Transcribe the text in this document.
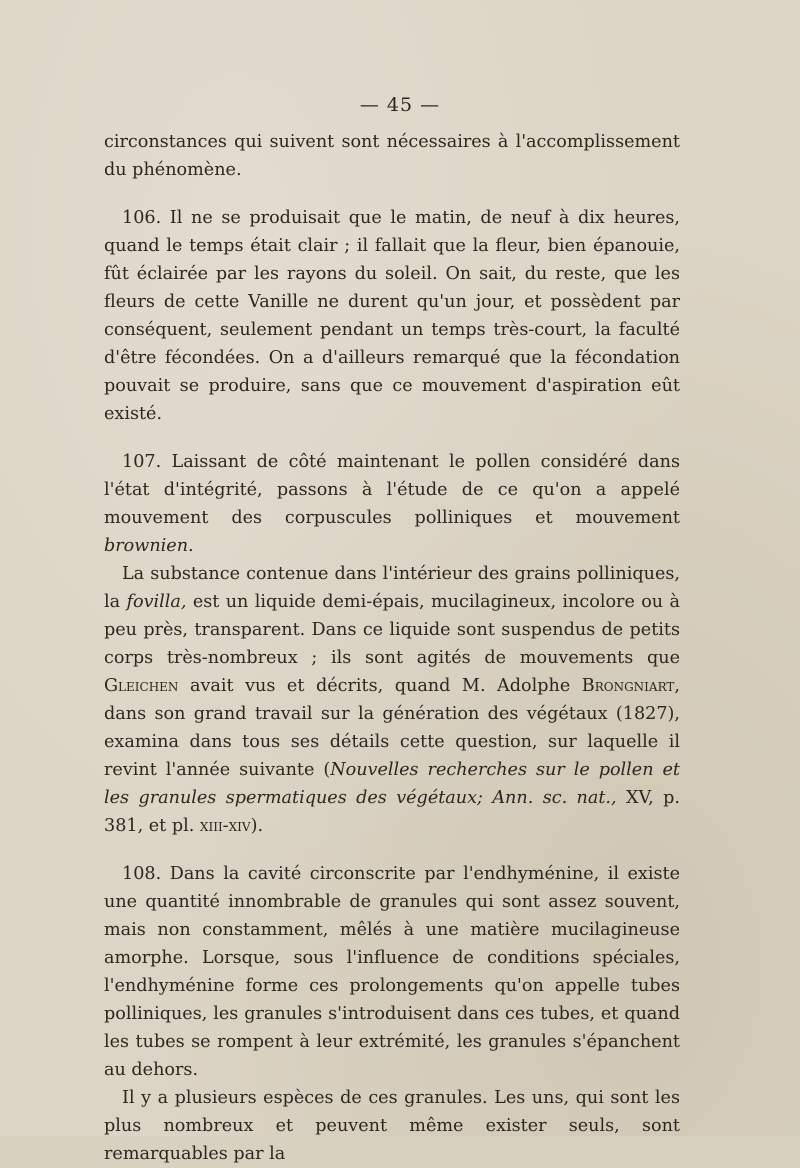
— 45 —

circonstances qui suivent sont nécessaires à l'accomplissement du phénomène.

106. Il ne se produisait que le matin, de neuf à dix heures, quand le temps était clair ; il fallait que la fleur, bien épanouie, fût éclairée par les rayons du soleil. On sait, du reste, que les fleurs de cette Vanille ne durent qu'un jour, et possèdent par conséquent, seulement pendant un temps très-court, la faculté d'être fécondées. On a d'ailleurs remarqué que la fécondation pouvait se produire, sans que ce mouvement d'aspiration eût existé.

107. Laissant de côté maintenant le pollen considéré dans l'état d'intégrité, passons à l'étude de ce qu'on a appelé mouvement des corpuscules polliniques et mouvement brownien.

La substance contenue dans l'intérieur des grains polliniques, la fovilla, est un liquide demi-épais, mucilagineux, incolore ou à peu près, transparent. Dans ce liquide sont suspendus de petits corps très-nombreux ; ils sont agités de mouvements que Gleichen avait vus et décrits, quand M. Adolphe Brongniart, dans son grand travail sur la génération des végétaux (1827), examina dans tous ses détails cette question, sur laquelle il revint l'année suivante (Nouvelles recherches sur le pollen et les granules spermatiques des végétaux; Ann. sc. nat., XV, p. 381, et pl. xiii-xiv).

108. Dans la cavité circonscrite par l'endhyménine, il existe une quantité innombrable de granules qui sont assez souvent, mais non constamment, mêlés à une matière mucilagineuse amorphe. Lorsque, sous l'influence de conditions spéciales, l'endhyménine forme ces prolongements qu'on appelle tubes polliniques, les granules s'introduisent dans ces tubes, et quand les tubes se rompent à leur extrémité, les granules s'épanchent au dehors.

Il y a plusieurs espèces de ces granules. Les uns, qui sont les plus nombreux et peuvent même exister seuls, sont remarquables par la
